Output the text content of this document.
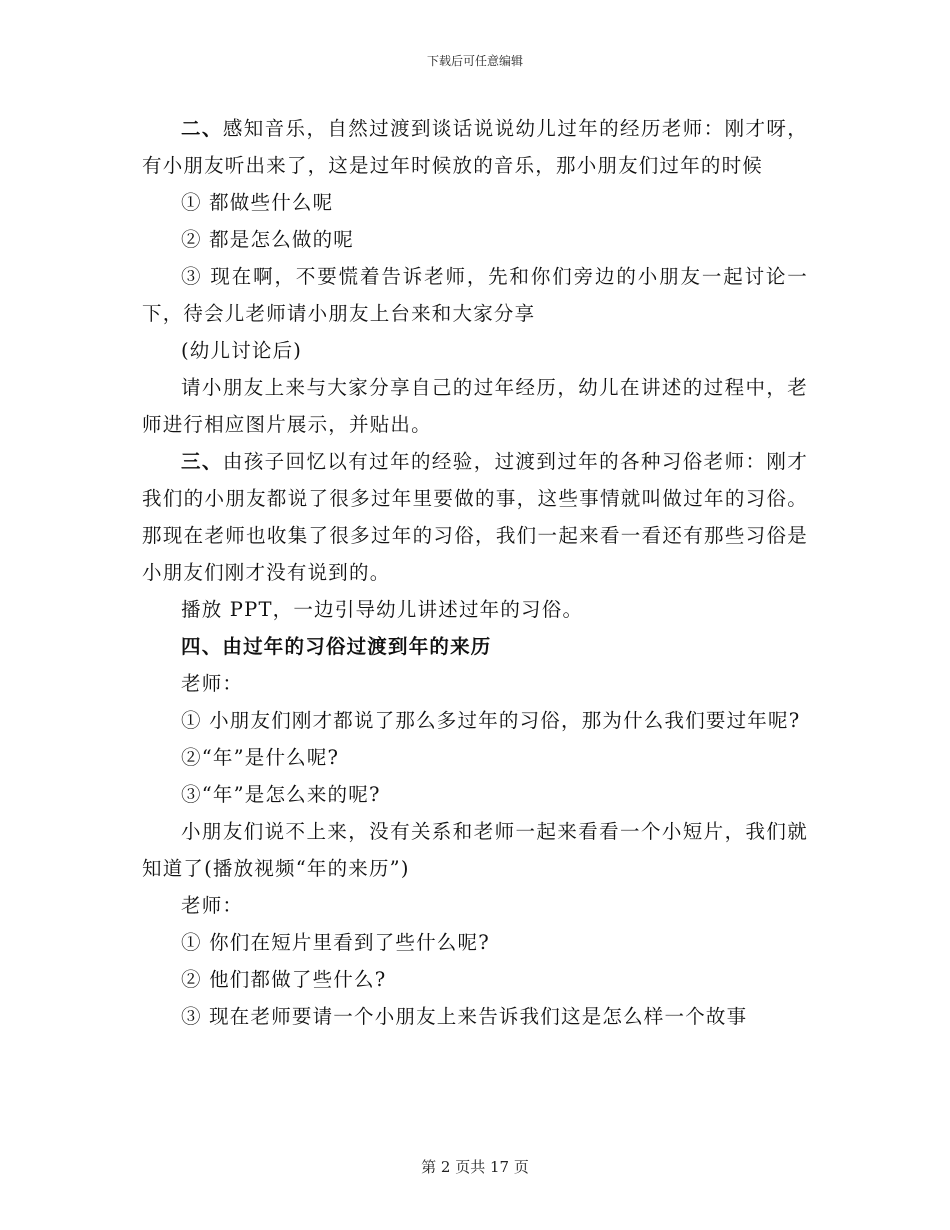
下载后可任意编辑

二、感知音乐，自然过渡到谈话说说幼儿过年的经历老师：刚才呀，有小朋友听出来了，这是过年时候放的音乐，那小朋友们过年的时候

① 都做些什么呢

② 都是怎么做的呢

③ 现在啊，不要慌着告诉老师，先和你们旁边的小朋友一起讨论一下，待会儿老师请小朋友上台来和大家分享

(幼儿讨论后)

请小朋友上来与大家分享自己的过年经历，幼儿在讲述的过程中，老师进行相应图片展示，并贴出。

三、由孩子回忆以有过年的经验，过渡到过年的各种习俗老师：刚才我们的小朋友都说了很多过年里要做的事，这些事情就叫做过年的习俗。那现在老师也收集了很多过年的习俗，我们一起来看一看还有那些习俗是小朋友们刚才没有说到的。

播放 PPT，一边引导幼儿讲述过年的习俗。

四、由过年的习俗过渡到年的来历

老师：

① 小朋友们刚才都说了那么多过年的习俗，那为什么我们要过年呢?

②“年”是什么呢?

③“年”是怎么来的呢?

小朋友们说不上来，没有关系和老师一起来看看一个小短片，我们就知道了(播放视频“年的来历”)

老师：

① 你们在短片里看到了些什么呢?

② 他们都做了些什么?

③ 现在老师要请一个小朋友上来告诉我们这是怎么样一个故事

第 2 页共 17 页
